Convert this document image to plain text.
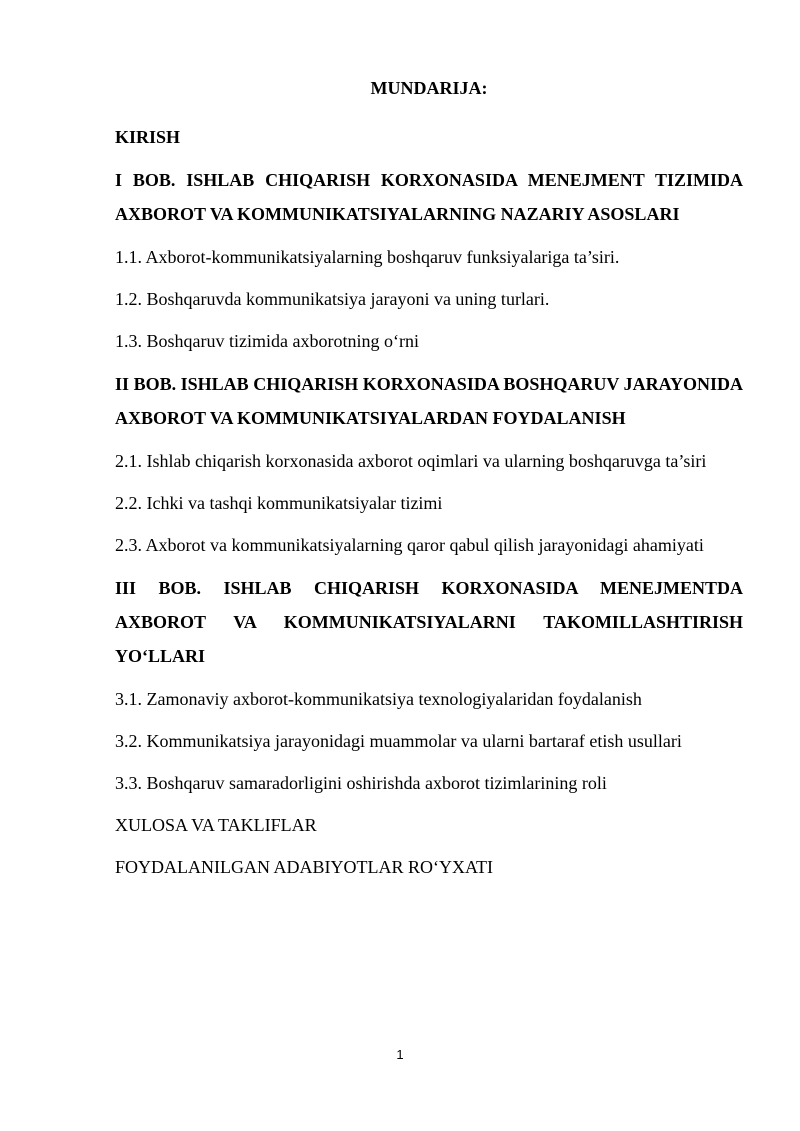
MUNDARIJA:
KIRISH
I BOB. ISHLAB CHIQARISH KORXONASIDA MENEJMENT TIZIMIDA AXBOROT VA KOMMUNIKATSIYALARNING NAZARIY ASOSLARI
1.1. Axborot-kommunikatsiyalarning boshqaruv funksiyalariga ta’siri.
1.2. Boshqaruvda kommunikatsiya jarayoni va uning turlari.
1.3. Boshqaruv tizimida axborotning o‘rni
II BOB. ISHLAB CHIQARISH KORXONASIDA BOSHQARUV JARAYONIDA AXBOROT VA KOMMUNIKATSIYALARDAN FOYDALANISH
2.1. Ishlab chiqarish korxonasida axborot oqimlari va ularning boshqaruvga ta’siri
2.2. Ichki va tashqi kommunikatsiyalar tizimi
2.3. Axborot va kommunikatsiyalarning qaror qabul qilish jarayonidagi ahamiyati
III BOB. ISHLAB CHIQARISH KORXONASIDA MENEJMENTDA AXBOROT VA KOMMUNIKATSIYALARNI TAKOMILLASHTIRISH YO‘LLARI
3.1. Zamonaviy axborot-kommunikatsiya texnologiyalaridan foydalanish
3.2. Kommunikatsiya jarayonidagi muammolar va ularni bartaraf etish usullari
3.3. Boshqaruv samaradorligini oshirishda axborot tizimlarining roli
XULOSA VA TAKLIFLAR
FOYDALANILGAN ADABIYOTLAR RO‘YXATI
1
